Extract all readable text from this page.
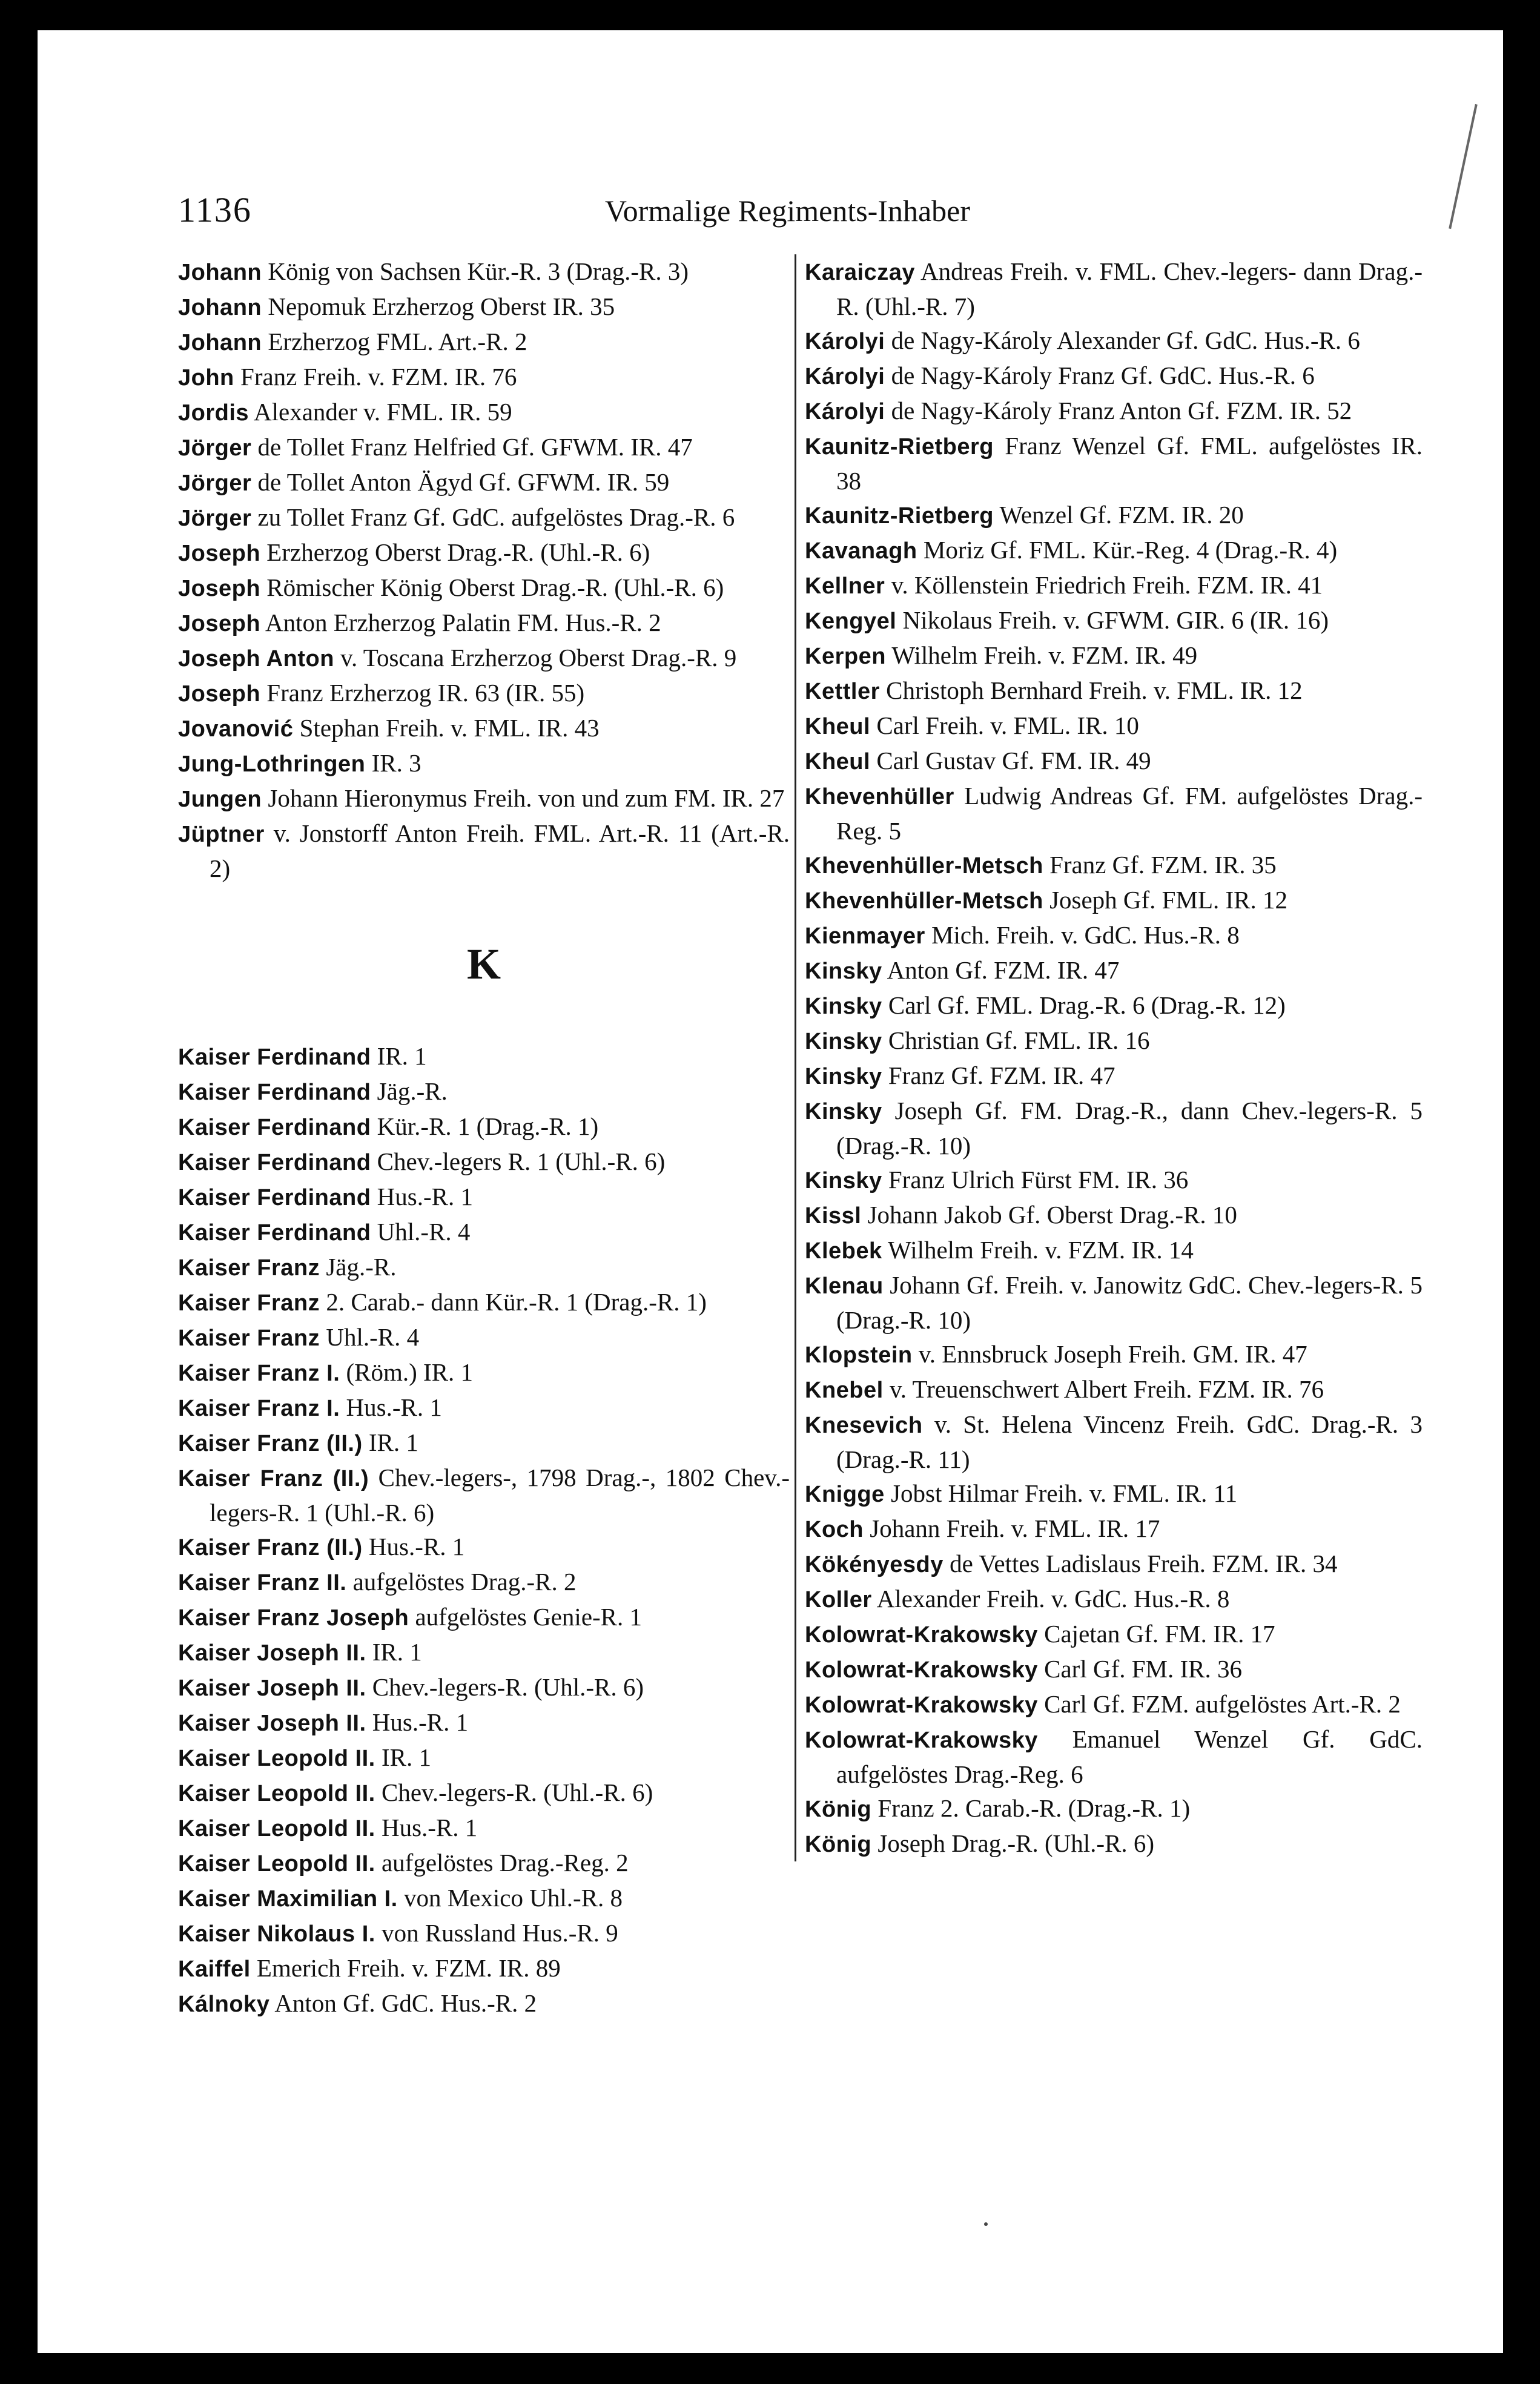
1136	Vormalige Regiments-Inhaber
Johann König von Sachsen Kür.-R. 3 (Drag.-R. 3)
Johann Nepomuk Erzherzog Oberst IR. 35
Johann Erzherzog FML. Art.-R. 2
John Franz Freih. v. FZM. IR. 76
Jordis Alexander v. FML. IR. 59
Jörger de Tollet Franz Helfried Gf. GFWM. IR. 47
Jörger de Tollet Anton Ägyd Gf. GFWM. IR. 59
Jörger zu Tollet Franz Gf. GdC. aufgelöstes Drag.-R. 6
Joseph Erzherzog Oberst Drag.-R. (Uhl.-R. 6)
Joseph Römischer König Oberst Drag.-R. (Uhl.-R. 6)
Joseph Anton Erzherzog Palatin FM. Hus.-R. 2
Joseph Anton v. Toscana Erzherzog Oberst Drag.-R. 9
Joseph Franz Erzherzog IR. 63 (IR. 55)
Jovanović Stephan Freih. v. FML. IR. 43
Jung-Lothringen IR. 3
Jungen Johann Hieronymus Freih. von und zum FM. IR. 27
Jüptner v. Jonstorff Anton Freih. FML. Art.-R. 11 (Art.-R. 2)
K
Kaiser Ferdinand IR. 1
Kaiser Ferdinand Jäg.-R.
Kaiser Ferdinand Kür.-R. 1 (Drag.-R. 1)
Kaiser Ferdinand Chev.-legers R. 1 (Uhl.-R. 6)
Kaiser Ferdinand Hus.-R. 1
Kaiser Ferdinand Uhl.-R. 4
Kaiser Franz Jäg.-R.
Kaiser Franz 2. Carab.- dann Kür.-R. 1 (Drag.-R. 1)
Kaiser Franz Uhl.-R. 4
Kaiser Franz I. (Röm.) IR. 1
Kaiser Franz I. Hus.-R. 1
Kaiser Franz (II.) IR. 1
Kaiser Franz (II.) Chev.-legers-, 1798 Drag.-, 1802 Chev.-legers-R. 1 (Uhl.-R. 6)
Kaiser Franz (II.) Hus.-R. 1
Kaiser Franz II. aufgelöstes Drag.-R. 2
Kaiser Franz Joseph aufgelöstes Genie-R. 1
Kaiser Joseph II. IR. 1
Kaiser Joseph II. Chev.-legers-R. (Uhl.-R. 6)
Kaiser Joseph II. Hus.-R. 1
Kaiser Leopold II. IR. 1
Kaiser Leopold II. Chev.-legers-R. (Uhl.-R. 6)
Kaiser Leopold II. Hus.-R. 1
Kaiser Leopold II. aufgelöstes Drag.-Reg. 2
Kaiser Maximilian I. von Mexico Uhl.-R. 8
Kaiser Nikolaus I. von Russland Hus.-R. 9
Kaiffel Emerich Freih. v. FZM. IR. 89
Kálnoky Anton Gf. GdC. Hus.-R. 2
Karaiczay Andreas Freih. v. FML. Chev.-legers- dann Drag.-R. (Uhl.-R. 7)
Károlyi de Nagy-Károly Alexander Gf. GdC. Hus.-R. 6
Károlyi de Nagy-Károly Franz Gf. GdC. Hus.-R. 6
Károlyi de Nagy-Károly Franz Anton Gf. FZM. IR. 52
Kaunitz-Rietberg Franz Wenzel Gf. FML. aufgelöstes IR. 38
Kaunitz-Rietberg Wenzel Gf. FZM. IR. 20
Kavanagh Moriz Gf. FML. Kür.-Reg. 4 (Drag.-R. 4)
Kellner v. Köllenstein Friedrich Freih. FZM. IR. 41
Kengyel Nikolaus Freih. v. GFWM. GIR. 6 (IR. 16)
Kerpen Wilhelm Freih. v. FZM. IR. 49
Kettler Christoph Bernhard Freih. v. FML. IR. 12
Kheul Carl Freih. v. FML. IR. 10
Kheul Carl Gustav Gf. FM. IR. 49
Khevenhüller Ludwig Andreas Gf. FM. aufgelöstes Drag.-Reg. 5
Khevenhüller-Metsch Franz Gf. FZM. IR. 35
Khevenhüller-Metsch Joseph Gf. FML. IR. 12
Kienmayer Mich. Freih. v. GdC. Hus.-R. 8
Kinsky Anton Gf. FZM. IR. 47
Kinsky Carl Gf. FML. Drag.-R. 6 (Drag.-R. 12)
Kinsky Christian Gf. FML. IR. 16
Kinsky Franz Gf. FZM. IR. 47
Kinsky Joseph Gf. FM. Drag.-R., dann Chev.-legers-R. 5 (Drag.-R. 10)
Kinsky Franz Ulrich Fürst FM. IR. 36
Kissl Johann Jakob Gf. Oberst Drag.-R. 10
Klebek Wilhelm Freih. v. FZM. IR. 14
Klenau Johann Gf. Freih. v. Janowitz GdC. Chev.-legers-R. 5 (Drag.-R. 10)
Klopstein v. Ennsbruck Joseph Freih. GM. IR. 47
Knebel v. Treuenschwert Albert Freih. FZM. IR. 76
Knesevich v. St. Helena Vincenz Freih. GdC. Drag.-R. 3 (Drag.-R. 11)
Knigge Jobst Hilmar Freih. v. FML. IR. 11
Koch Johann Freih. v. FML. IR. 17
Kökényesdy de Vettes Ladislaus Freih. FZM. IR. 34
Koller Alexander Freih. v. GdC. Hus.-R. 8
Kolowrat-Krakowsky Cajetan Gf. FM. IR. 17
Kolowrat-Krakowsky Carl Gf. FM. IR. 36
Kolowrat-Krakowsky Carl Gf. FZM. aufgelöstes Art.-R. 2
Kolowrat-Krakowsky Emanuel Wenzel Gf. GdC. aufgelöstes Drag.-Reg. 6
König Franz 2. Carab.-R. (Drag.-R. 1)
König Joseph Drag.-R. (Uhl.-R. 6)
